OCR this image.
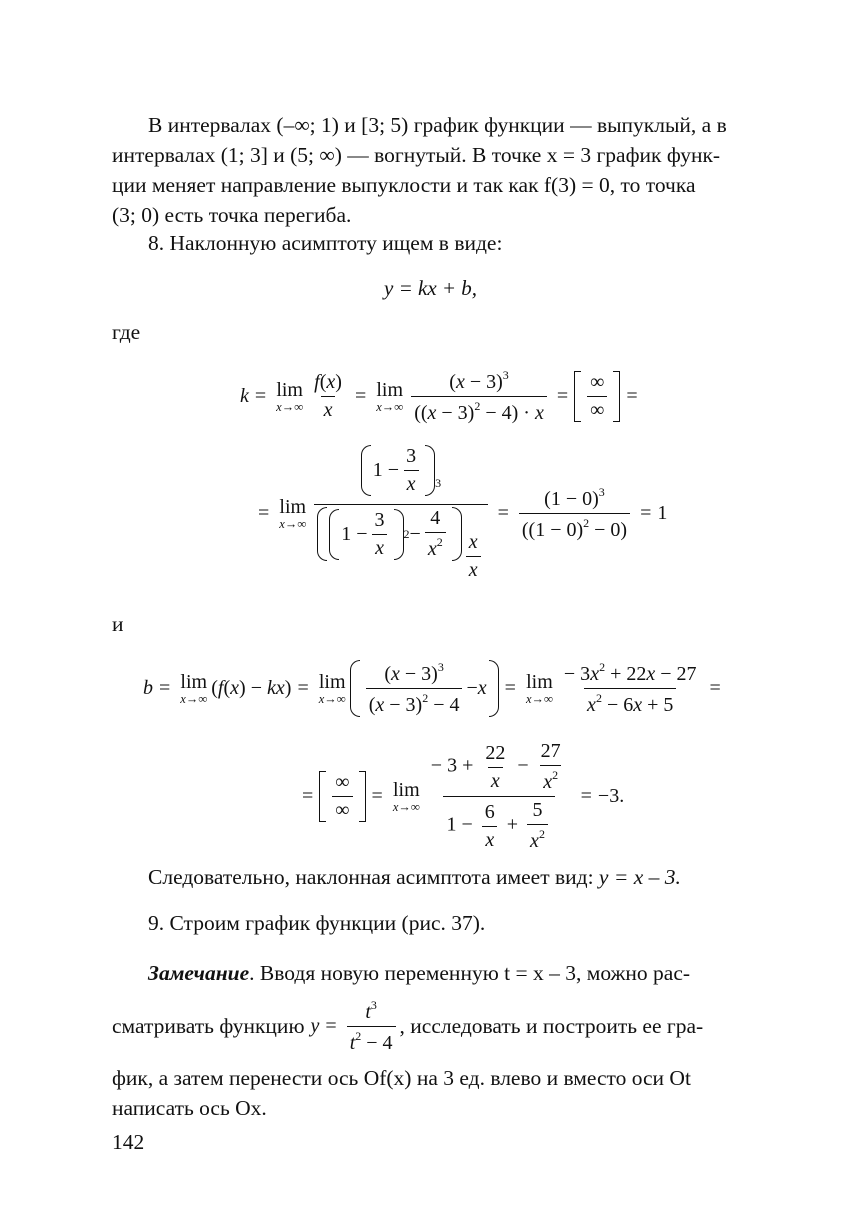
В интервалах (–∞; 1) и [3; 5) график функции — выпуклый, а в

интервалах (1; 3] и (5; ∞) — вогнутый. В точке x = 3 график функ-

ции меняет направление выпуклости и так как f(3) = 0, то точка

(3; 0) есть точка перегиба.

8. Наклонную асимптоту ищем в виде:

y = kx + b,

где

k = lim
$x\to\infty \frac{f(x)}{x} = \lim$
$x\to\infty \frac{(x - 3)^3}{((x - 3)^2 - 4) \cdot x} = \frac{\infty}{\infty}$ =
= lim
$x\to\infty \frac{1 - \frac{3}{x} ^3}{1 - \frac{3}{x} 2 - \frac{4}{x^2} \frac{x}{x}} = \frac{(1 - 0)^3}{((1 - 0)^2 - 0)} = 1$

и

b = lim
x→∞ (f(x) − kx) = lim
$x\to\infty \frac{(x - 3)^3}{(x - 3)^2 - 4} - x = \lim$
$x\to\infty \frac{- 3x^2 + 22x - 27}{x^2 - 6x + 5}$ =
= $\frac{\infty}{\infty} = \lim$
$x\to\infty \frac{- 3 + \frac{22}{x} - \frac{27}{x^2}}{1 - \frac{6}{x} + \frac{5}{x^2}} = -3$.

Следовательно, наклонная асимптота имеет вид: y = x – 3.

9. Строим график функции (рис. 37).

Замечание. Вводя новую переменную t = x – 3, можно рас-

сматривать функцию $y = \frac{t^3}{t^2 - 4}$ , исследовать и построить ее гра-

фик, а затем перенести ось Of(x) на 3 ед. влево и вместо оси Ot

написать ось Ox.

142
